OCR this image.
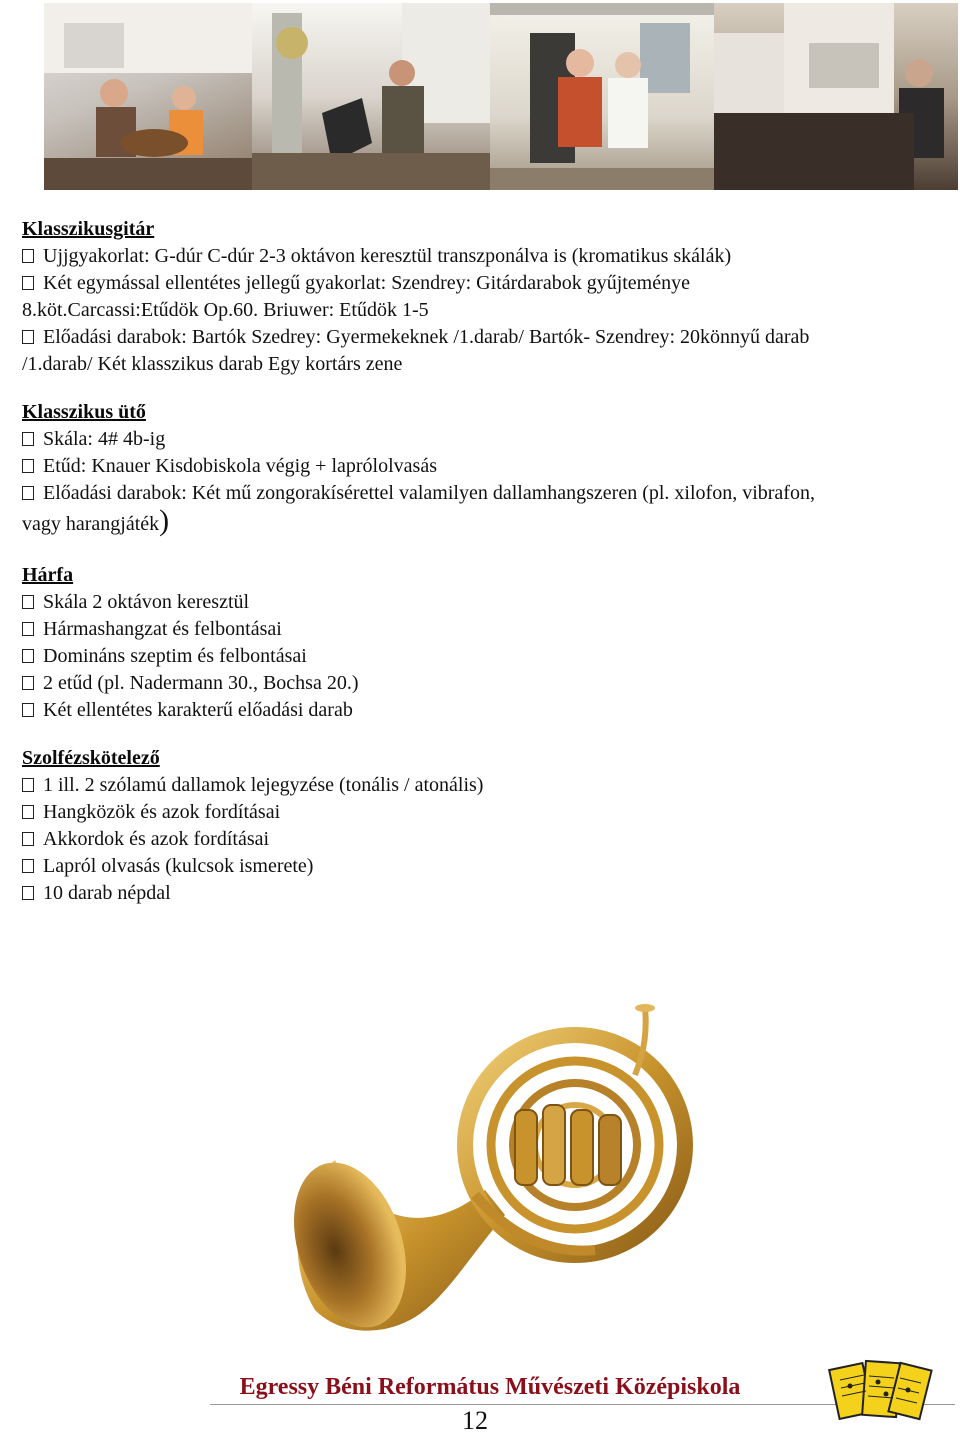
Klasszikusgitár
Ujjgyakorlat: G-dúr C-dúr 2-3 oktávon keresztül transzponálva is (kromatikus skálák)
Két egymással ellentétes jellegű gyakorlat: Szendrey: Gitárdarabok gyűjteménye
8.köt.Carcassi:Etűdök Op.60. Briuwer: Etűdök 1-5
Előadási darabok: Bartók Szedrey: Gyermekeknek /1.darab/ Bartók- Szendrey: 20könnyű darab
/1.darab/ Két klasszikus darab Egy kortárs zene
Klasszikus ütő
Skála: 4# 4b-ig
Etűd: Knauer Kisdobiskola végig + laprólolvasás
Előadási darabok: Két mű zongorakísérettel valamilyen dallamhangszeren (pl. xilofon, vibrafon,
vagy harangjáték)
Hárfa
Skála 2 oktávon keresztül
Hármashangzat és felbontásai
Domináns szeptim és felbontásai
2 etűd (pl. Nadermann 30., Bochsa 20.)
Két ellentétes karakterű előadási darab
Szolfézskötelező
1 ill. 2 szólamú dallamok lejegyzése (tonális / atonális)
Hangközök és azok fordításai
Akkordok és azok fordításai
Lapról olvasás (kulcsok ismerete)
10 darab népdal
Egressy Béni Református Művészeti Középiskola
12
